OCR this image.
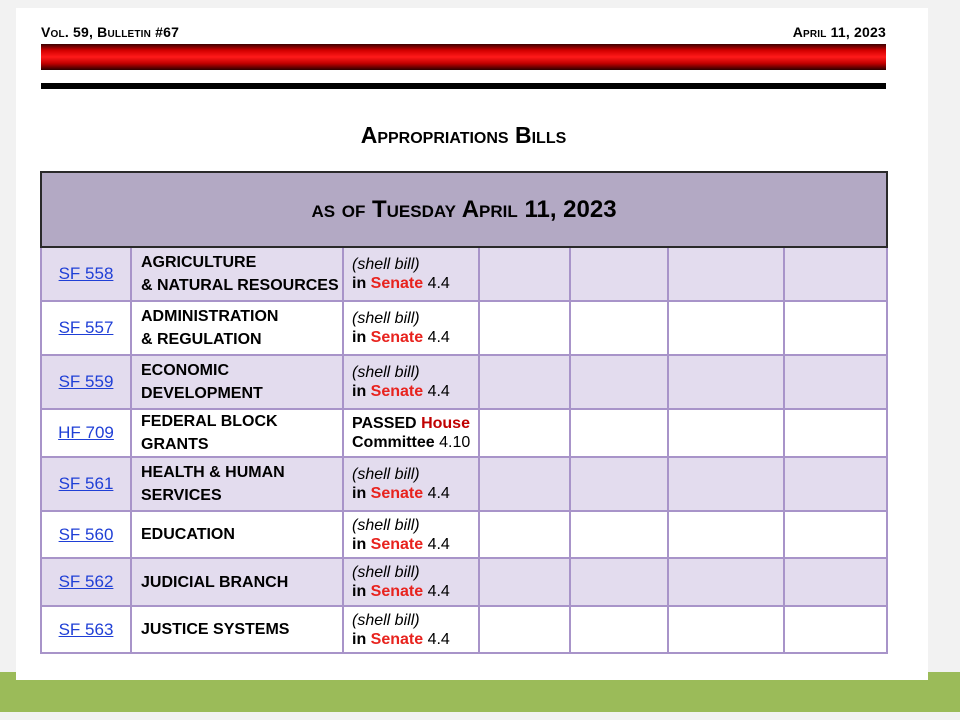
Vol. 59, Bulletin #67	April 11, 2023
Appropriations Bills
as of Tuesday April 11, 2023						
SF 558	AGRICULTURE
& NATURAL RESOURCES	(shell bill)
in Senate 4.4				
SF 557	ADMINISTRATION
& REGULATION	(shell bill)
in Senate 4.4				
SF 559	ECONOMIC
DEVELOPMENT	(shell bill)
in Senate 4.4				
HF 709	FEDERAL BLOCK GRANTS	PASSED House
Committee 4.10				
SF 561	HEALTH & HUMAN
SERVICES	(shell bill)
in Senate 4.4				
SF 560	EDUCATION	(shell bill)
in Senate 4.4				
SF 562	JUDICIAL BRANCH	(shell bill)
in Senate 4.4				
SF 563	JUSTICE SYSTEMS	(shell bill)
in Senate 4.4				
